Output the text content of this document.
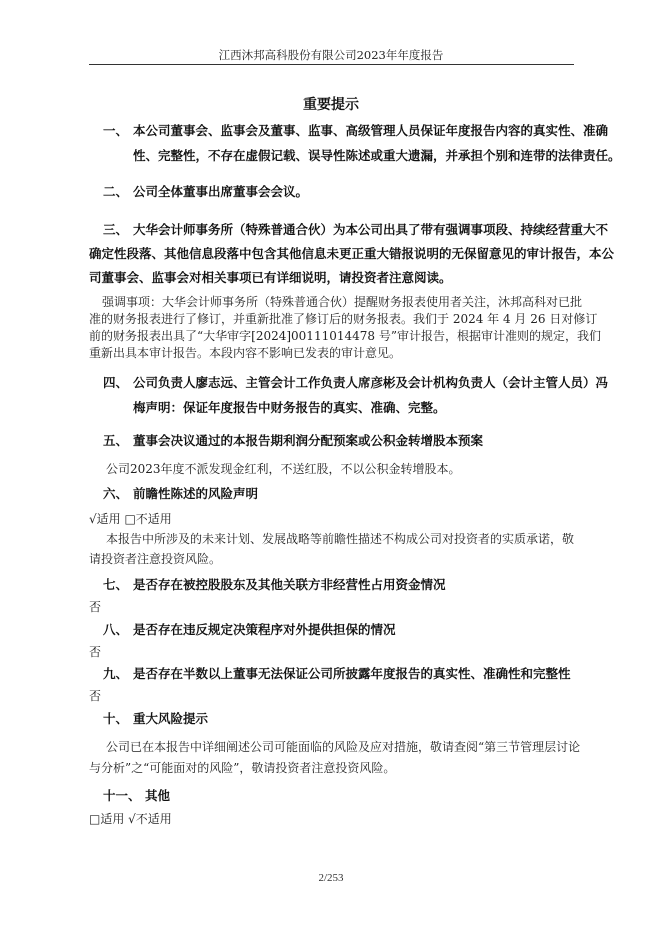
江西沐邦高科股份有限公司2023年年度报告
重要提示
一、 本公司董事会、监事会及董事、监事、高级管理人员保证年度报告内容的真实性、准确
性、完整性，不存在虚假记载、误导性陈述或重大遗漏，并承担个别和连带的法律责任。
二、 公司全体董事出席董事会会议。
三、 大华会计师事务所（特殊普通合伙）为本公司出具了带有强调事项段、持续经营重大不
确定性段落、其他信息段落中包含其他信息未更正重大错报说明的无保留意见的审计报告，本公
司董事会、监事会对相关事项已有详细说明，请投资者注意阅读。
强调事项：大华会计师事务所（特殊普通合伙）提醒财务报表使用者关注，沐邦高科对已批
准的财务报表进行了修订，并重新批准了修订后的财务报表。我们于 2024 年 4 月 26 日对修订
前的财务报表出具了“大华审字[2024]00111014478 号”审计报告，根据审计准则的规定，我们
重新出具本审计报告。本段内容不影响已发表的审计意见。
四、 公司负责人廖志远、主管会计工作负责人席彦彬及会计机构负责人（会计主管人员）冯
梅声明：保证年度报告中财务报告的真实、准确、完整。
五、 董事会决议通过的本报告期利润分配预案或公积金转增股本预案
公司2023年度不派发现金红利，不送红股，不以公积金转增股本。
六、 前瞻性陈述的风险声明
√适用 □不适用
本报告中所涉及的未来计划、发展战略等前瞻性描述不构成公司对投资者的实质承诺，敬
请投资者注意投资风险。
七、 是否存在被控股股东及其他关联方非经营性占用资金情况
否
八、 是否存在违反规定决策程序对外提供担保的情况
否
九、 是否存在半数以上董事无法保证公司所披露年度报告的真实性、准确性和完整性
否
十、 重大风险提示
公司已在本报告中详细阐述公司可能面临的风险及应对措施，敬请查阅“第三节管理层讨论
与分析”之“可能面对的风险”，敬请投资者注意投资风险。
十一、 其他
□适用 √不适用
2/253
